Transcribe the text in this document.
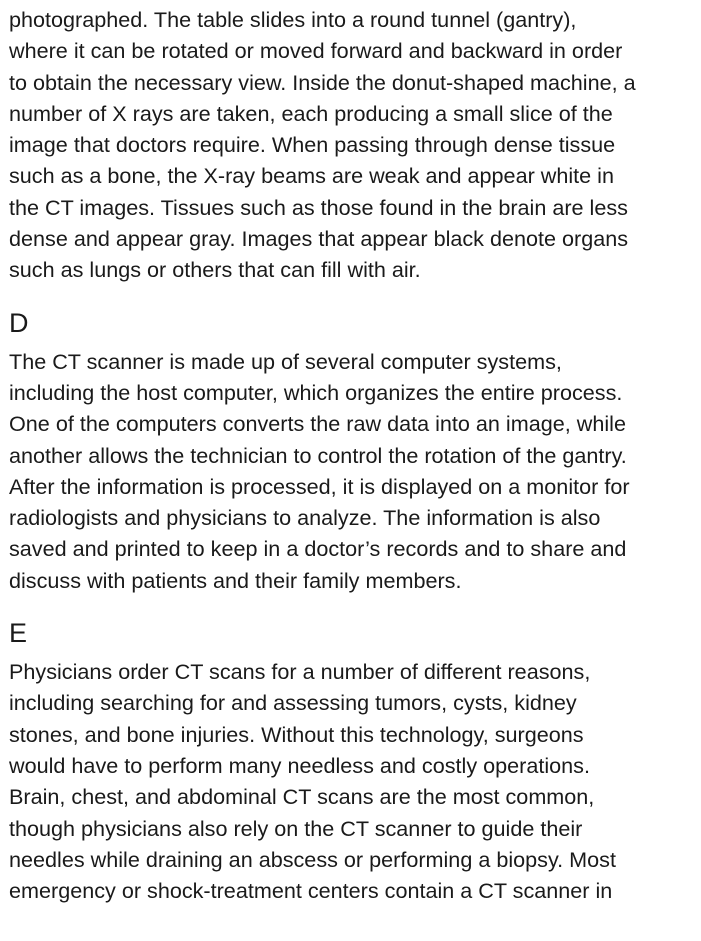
photographed. The table slides into a round tunnel (gantry),
where it can be rotated or moved forward and backward in order
to obtain the necessary view. Inside the donut-shaped machine, a
number of X rays are taken, each producing a small slice of the
image that doctors require. When passing through dense tissue
such as a bone, the X-ray beams are weak and appear white in
the CT images. Tissues such as those found in the brain are less
dense and appear gray. Images that appear black denote organs
such as lungs or others that can fill with air.

D

The CT scanner is made up of several computer systems,
including the host computer, which organizes the entire process.
One of the computers converts the raw data into an image, while
another allows the technician to control the rotation of the gantry.
After the information is processed, it is displayed on a monitor for
radiologists and physicians to analyze. The information is also
saved and printed to keep in a doctor’s records and to share and
discuss with patients and their family members.

E

Physicians order CT scans for a number of different reasons,
including searching for and assessing tumors, cysts, kidney
stones, and bone injuries. Without this technology, surgeons
would have to perform many needless and costly operations.
Brain, chest, and abdominal CT scans are the most common,
though physicians also rely on the CT scanner to guide their
needles while draining an abscess or performing a biopsy. Most
emergency or shock-treatment centers contain a CT scanner in
